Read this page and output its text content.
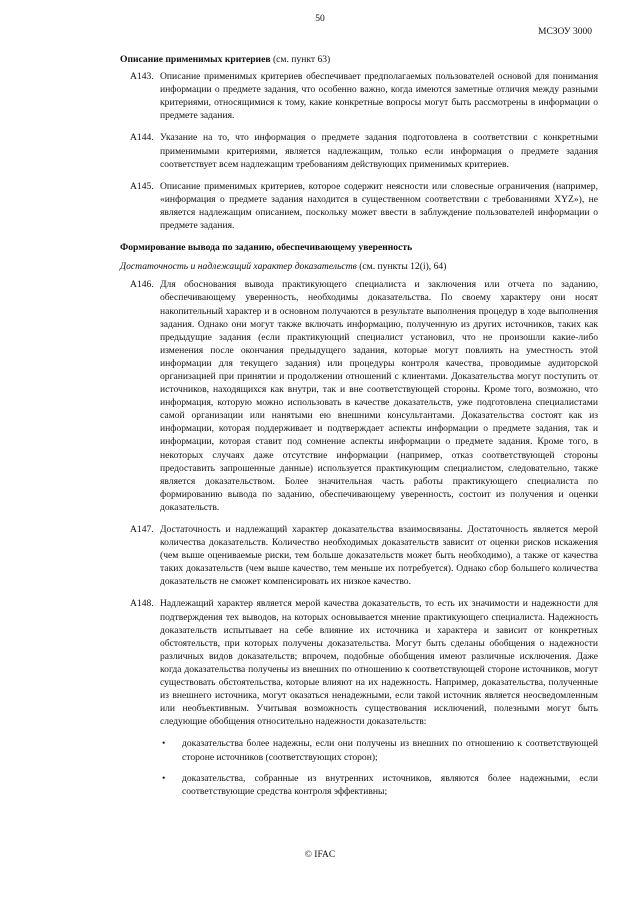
50
МСЗОУ 3000
Описание применимых критериев (см. пункт 63)
A143. Описание применимых критериев обеспечивает предполагаемых пользователей основой для понимания информации о предмете задания, что особенно важно, когда имеются заметные отличия между разными критериями, относящимися к тому, какие конкретные вопросы могут быть рассмотрены в информации о предмете задания.
A144. Указание на то, что информация о предмете задания подготовлена в соответствии с конкретными применимыми критериями, является надлежащим, только если информация о предмете задания соответствует всем надлежащим требованиям действующих применимых критериев.
A145. Описание применимых критериев, которое содержит неясности или словесные ограничения (например, «информация о предмете задания находится в существенном соответствии с требованиями XYZ»), не является надлежащим описанием, поскольку может ввести в заблуждение пользователей информации о предмете задания.
Формирование вывода по заданию, обеспечивающему уверенность
Достаточность и надлежащий характер доказательств (см. пункты 12(i), 64)
A146. Для обоснования вывода практикующего специалиста и заключения или отчета по заданию, обеспечивающему уверенность, необходимы доказательства. По своему характеру они носят накопительный характер и в основном получаются в результате выполнения процедур в ходе выполнения задания. Однако они могут также включать информацию, полученную из других источников, таких как предыдущие задания (если практикующий специалист установил, что не произошли какие-либо изменения после окончания предыдущего задания, которые могут повлиять на уместность этой информации для текущего задания) или процедуры контроля качества, проводимые аудиторской организацией при принятии и продолжении отношений с клиентами. Доказательства могут поступить от источников, находящихся как внутри, так и вне соответствующей стороны. Кроме того, возможно, что информация, которую можно использовать в качестве доказательств, уже подготовлена специалистами самой организации или нанятыми ею внешними консультантами. Доказательства состоят как из информации, которая поддерживает и подтверждает аспекты информации о предмете задания, так и информации, которая ставит под сомнение аспекты информации о предмете задания. Кроме того, в некоторых случаях даже отсутствие информации (например, отказ соответствующей стороны предоставить запрошенные данные) используется практикующим специалистом, следовательно, также является доказательством. Более значительная часть работы практикующего специалиста по формированию вывода по заданию, обеспечивающему уверенность, состоит из получения и оценки доказательств.
A147. Достаточность и надлежащий характер доказательства взаимосвязаны. Достаточность является мерой количества доказательств. Количество необходимых доказательств зависит от оценки рисков искажения (чем выше оцениваемые риски, тем больше доказательств может быть необходимо), а также от качества таких доказательств (чем выше качество, тем меньше их потребуется). Однако сбор большего количества доказательств не сможет компенсировать их низкое качество.
A148. Надлежащий характер является мерой качества доказательств, то есть их значимости и надежности для подтверждения тех выводов, на которых основывается мнение практикующего специалиста. Надежность доказательств испытывает на себе влияние их источника и характера и зависит от конкретных обстоятельств, при которых получены доказательства. Могут быть сделаны обобщения о надежности различных видов доказательств; впрочем, подобные обобщения имеют различные исключения. Даже когда доказательства получены из внешних по отношению к соответствующей стороне источников, могут существовать обстоятельства, которые влияют на их надежность. Например, доказательства, полученные из внешнего источника, могут оказаться ненадежными, если такой источник является неосведомленным или необъективным. Учитывая возможность существования исключений, полезными могут быть следующие обобщения относительно надежности доказательств:
• доказательства более надежны, если они получены из внешних по отношению к соответствующей стороне источников (соответствующих сторон);
• доказательства, собранные из внутренних источников, являются более надежными, если соответствующие средства контроля эффективны;
© IFAC
